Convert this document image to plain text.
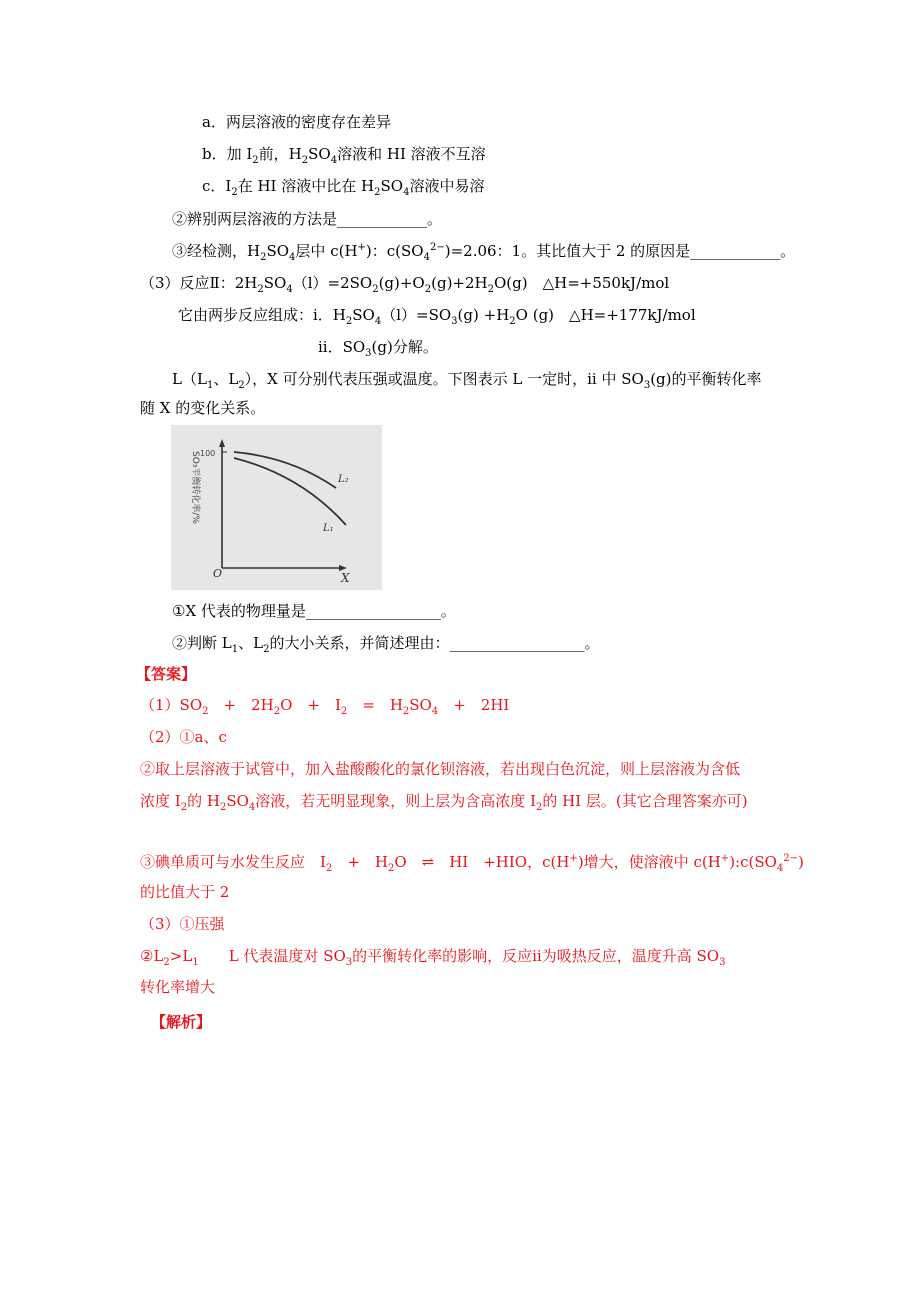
a．两层溶液的密度存在差异
b．加 $I_2$前，$H_2SO_4$溶液和 HI 溶液不互溶
c．$I_2$在 HI 溶液中比在 $H_2SO_4$溶液中易溶
②辨别两层溶液的方法是____________。
③经检测，$H_2SO_4$层中 c(H+)：$c(SO_4^{2-})=2.06$：1。其比值大于 2 的原因是____________。
（3）反应Ⅱ：$2H_2SO_4(l)=2SO_2(g)+O_2(g)+2H_2O(g)$　△H=+550kJ/mol
它由两步反应组成：i．$H_2SO_4(l)=SO_3(g) +H_2O$ (g)　△H=+177kJ/mol
ii．$SO_3(g)$分解。
$L(L_1$、$L_2$），X 可分别代表压强或温度。下图表示 L 一定时，ii 中 $SO_3(g)$的平衡转化率
随 X 的变化关系。
100
SO₃平衡转化率/%
O	X
L₂
L₁
①X 代表的物理量是__________________。
②判断 $L_1$、$L_2$的大小关系，并简述理由：__________________。
【答案】
$(1)SO_2$　+　$2H_2O$　+　$I_2$　=　$H_2SO_4$　+　2HI
（2）①a、c
②取上层溶液于试管中，加入盐酸酸化的氯化钡溶液，若出现白色沉淀，则上层溶液为含低
浓度 $I_2$的 $H_2SO_4$溶液，若无明显现象，则上层为含高浓度 $I_2$的 HI 层。(其它合理答案亦可)
③碘单质可与水发生反应　$I_2$　+　$H_2O$　⇌　HI　+HIO，c(H+)增大，使溶液中 $c(H^+):c(SO_4^{2-})$
的比值大于 2
（3）①压强
$②L_2>L_1$　　L 代表温度对 $SO_3$的平衡转化率的影响，反应ⅱ为吸热反应，温度升高 $SO_3$
转化率增大
【解析】
